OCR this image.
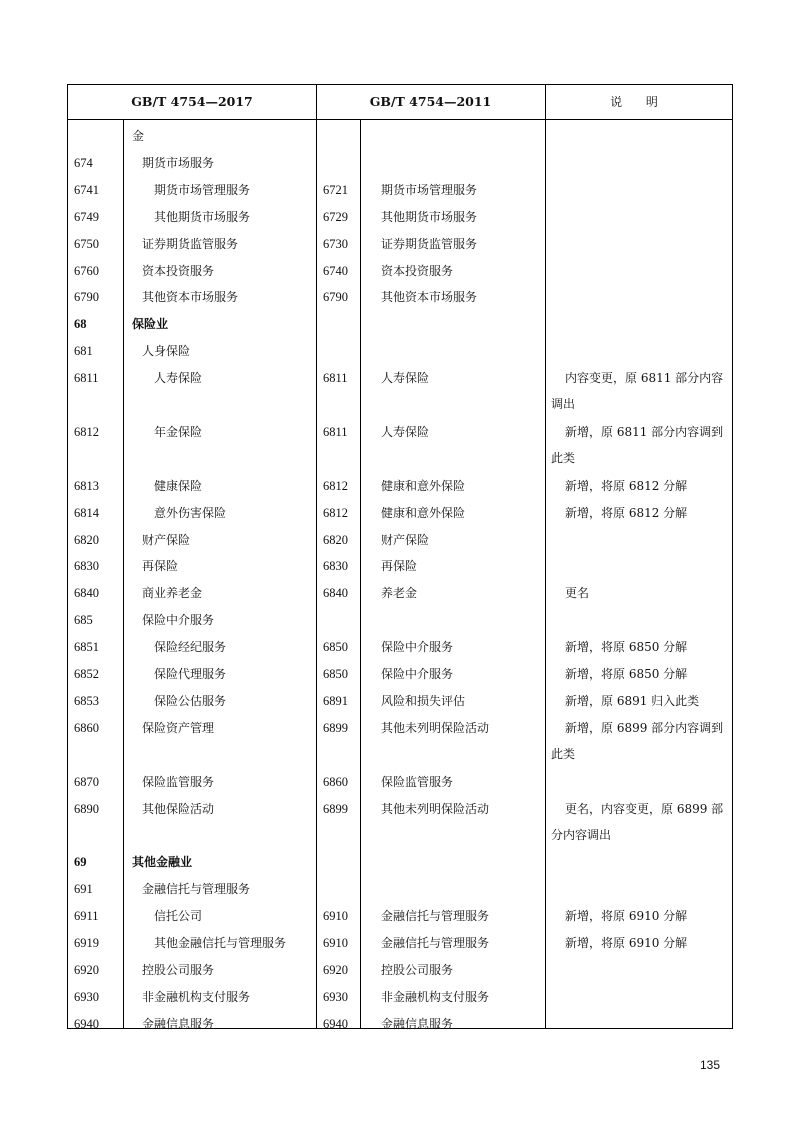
GB/T 4754—2017	GB/T 4754—2011	说 明
金
674	期货市场服务
6741	期货市场管理服务	6721	期货市场管理服务
6749	其他期货市场服务	6729	其他期货市场服务
6750	证券期货监管服务	6730	证券期货监管服务
6760	资本投资服务	6740	资本投资服务
6790	其他资本市场服务	6790	其他资本市场服务
68	保险业
681	人身保险
6811	人寿保险	6811	人寿保险	内容变更，原 6811 部分内容调出
6812	年金保险	6811	人寿保险	新增，原 6811 部分内容调到此类
6813	健康保险	6812	健康和意外保险	新增，将原 6812 分解
6814	意外伤害保险	6812	健康和意外保险	新增，将原 6812 分解
6820	财产保险	6820	财产保险
6830	再保险	6830	再保险
6840	商业养老金	6840	养老金	更名
685	保险中介服务
6851	保险经纪服务	6850	保险中介服务	新增，将原 6850 分解
6852	保险代理服务	6850	保险中介服务	新增，将原 6850 分解
6853	保险公估服务	6891	风险和损失评估	新增，原 6891 归入此类
6860	保险资产管理	6899	其他未列明保险活动	新增，原 6899 部分内容调到此类
6870	保险监管服务	6860	保险监管服务
6890	其他保险活动	6899	其他未列明保险活动	更名，内容变更，原 6899 部分内容调出
69	其他金融业
691	金融信托与管理服务
6911	信托公司	6910	金融信托与管理服务	新增，将原 6910 分解
6919	其他金融信托与管理服务	6910	金融信托与管理服务	新增，将原 6910 分解
6920	控股公司服务	6920	控股公司服务
6930	非金融机构支付服务	6930	非金融机构支付服务
6940	金融信息服务	6940	金融信息服务
135
